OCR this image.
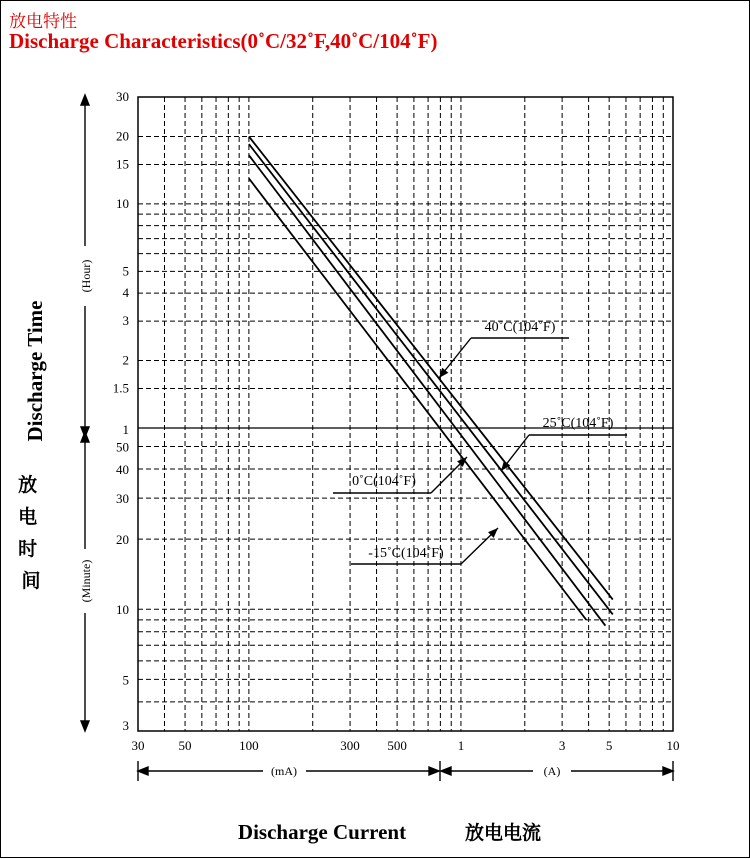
放电特性
Discharge Characteristics(0˚C/32˚F,40˚C/104˚F)
30	50	100	300 500	1	3	5	10
30
20
15
10
5
4
3
2
1.5
1
50
40
30
20
10
5
3
40˚C(104˚F)
25˚C(104˚F)
0˚C(104˚F)
-15˚C(104˚F)
(Hour)
(Minute)
Discharge Time
放 电 时 间
(mA)	(A)
Discharge Current	放电电流
